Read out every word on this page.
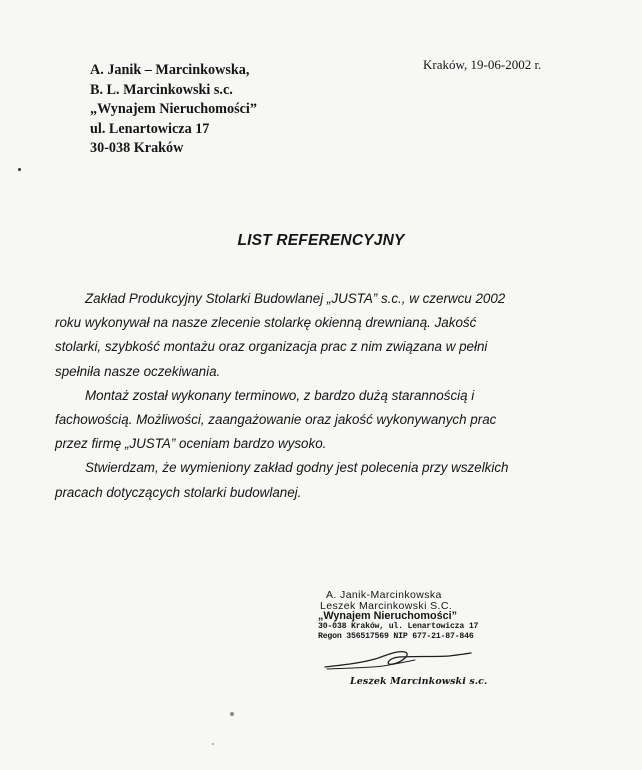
A. Janik – Marcinkowska,
B. L. Marcinkowski s.c.
„Wynajem Nieruchomości”
ul. Lenartowicza 17
30-038 Kraków
Kraków, 19-06-2002 r.
LIST REFERENCYJNY

Zakład Produkcyjny Stolarki Budowlanej „JUSTA” s.c., w czerwcu 2002
roku wykonywał na nasze zlecenie stolarkę okienną drewnianą. Jakość
stolarki, szybkość montażu oraz organizacja prac z nim związana w pełni
spełniła nasze oczekiwania.

Montaż został wykonany terminowo, z bardzo dużą starannością i
fachowością. Możliwości, zaangażowanie oraz jakość wykonywanych prac
przez firmę „JUSTA” oceniam bardzo wysoko.

Stwierdzam, że wymieniony zakład godny jest polecenia przy wszelkich
pracach dotyczących stolarki budowlanej.

A. Janik-Marcinkowska
Leszek Marcinkowski S.C.
„Wynajem Nieruchomości”
30-038 Kraków, ul. Lenartowicza 17
Regon 356517569 NIP 677-21-87-846
Leszek Marcinkowski s.c.
